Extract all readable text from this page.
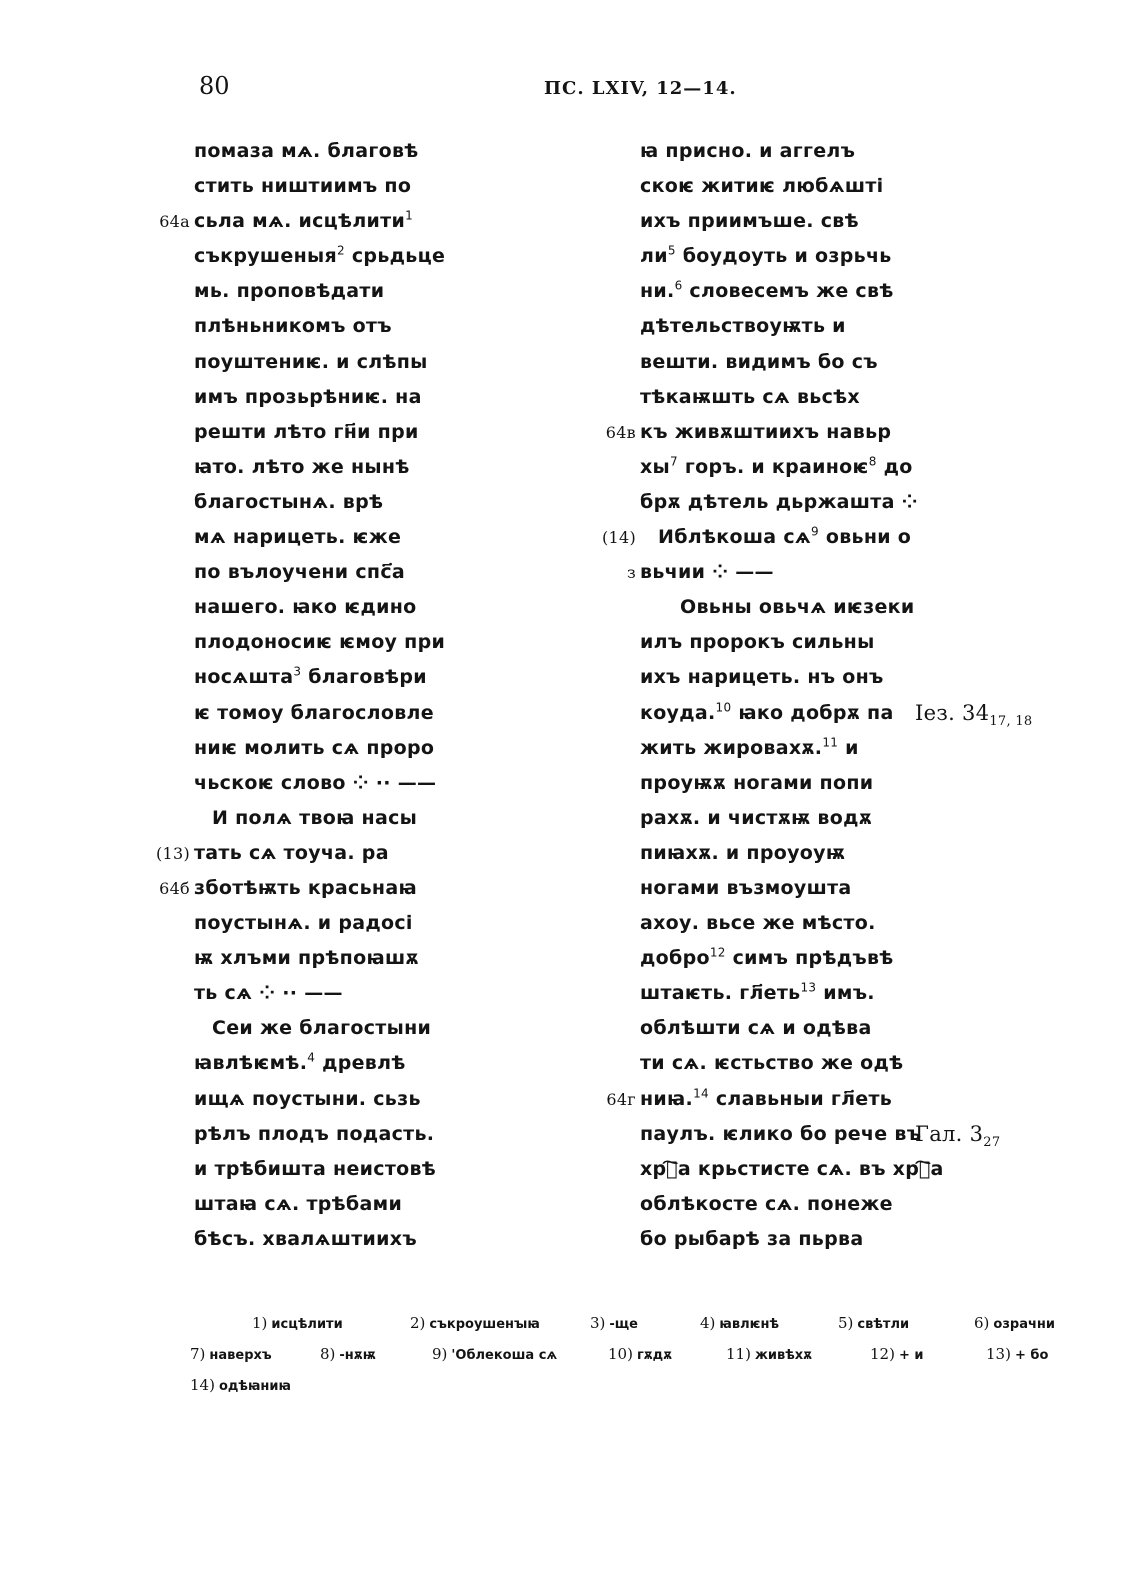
80	ПС. LXIV, 12—14.
помаза мѧ. благовѣ
стить ништиимъ по
64а сьла мѧ. исцѣлити$^1$
съкрушеныя$^2$ срьдьце
мь. проповѣдати
плѣньникомъ отъ
поуштениѥ. и слѣпы
имъ прозьрѣниѥ. на
решти лѣто гн҃и при
ꙗто. лѣто же нынѣ
благостынѧ. врѣ
мѧ нарицеть. ѥже
по вълоучени спс҃а
нашего. ꙗко ѥдино
плодоносиѥ ѥмоу при
носѧшта$^3$ благовѣри
ѥ томоу благословле
ниѥ молить сѧ проро
чьскоѥ слово ⁘ ·· ——
И полѧ твоꙗ насы
(13) тать сѧ тоуча. ра
64б зботѣѭть красьнаꙗ
поустынѧ. и радосі
ѭ хлъми прѣпоꙗшѫ
ть сѧ ⁘ ·· ——
Сеи же благостыни
ꙗвлѣѥмѣ.$^4$ древлѣ
ищѧ поустыни. сьзь
рѣлъ плодъ подасть.
и трѣбишта неистовѣ
штаꙗ сѧ. трѣбами
бѣсъ. хвалѧштиихъ
ꙗ присно. и аггелъ
скоѥ житиѥ любѧшті
ихъ приимъше. свѣ
$ли^5$ боудоуть и озрьчь
ни.$^6$ словесемъ же свѣ
дѣтельствоуѭть и
вешти. видимъ бо съ
тѣкаѭшть сѧ вьсѣх
64в къ живѫштиихъ навьр
$хы^7$ горъ. и краиноѥ$^8$ до
брѫ дѣтель дьржашта ⁘
(14) Иблѣкоша $сѧ^9$ овьни о
з вьчии ⁘ ——
Овьны овьчѧ иѥзеки
илъ пророкъ сильны
ихъ нарицеть. нъ онъ
коуда.$^{10}$ ꙗко добрѫ па Іез. $34_{17, 18}$
жить жировахѫ.$^{11}$ и
проуѭѫ ногами попи
рахѫ. и чистѫѭ водѫ
пиꙗхѫ. и проуоуѭ
ногами възмоушта
ахоу. вьсе же мѣсто.
добро$^{12}$ симъ прѣдъвѣ
штаѥть. гл҃еть$^{13}$ имъ.
облѣшти сѧ и одѣва
ти сѧ. ѥстьство же одѣ
64г ниꙗ.$^{14}$ славьныи гл҃еть
паулъ. ѥлико бо рече въ
Гал. $3_{27}$
хрⷭ҇а крьстисте сѧ. въ хрⷭ҇а
облѣкосте сѧ. понеже
бо рыбарѣ за пьрва
1) исцѣлити	2) съкроушенꙑꙗ	3) -ще	4) ꙗвлѥнѣ	5) свѣтли	6) озрачни
7) наверхъ	8) -нѫѭ	9) 'Облекоша сѧ	10) гѫдѫ	11) живѣхѫ	12) + и	13) + бо
14) одѣꙗниꙗ
